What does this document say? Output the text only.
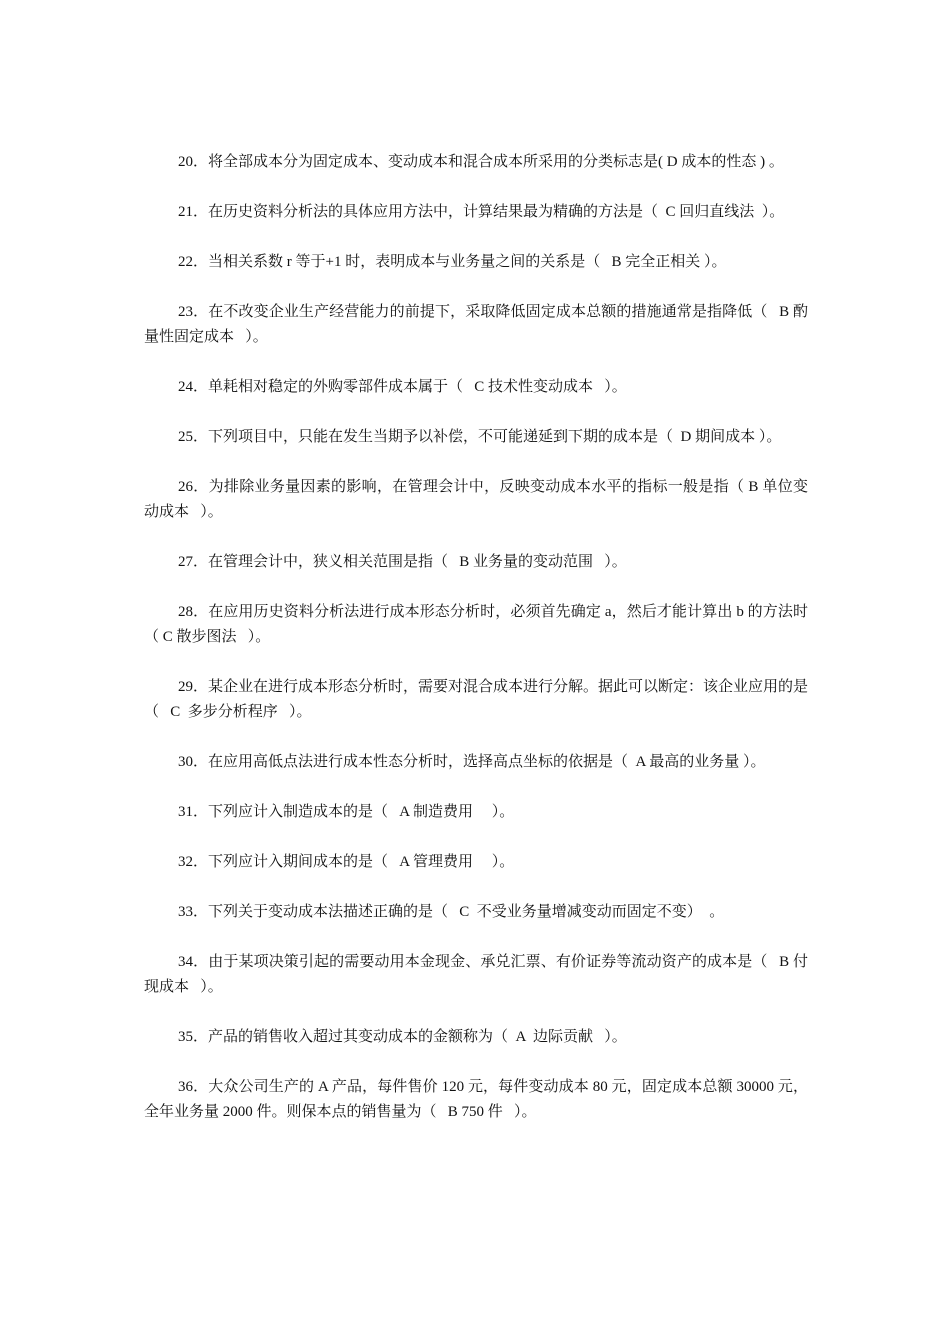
20．将全部成本分为固定成本、变动成本和混合成本所采用的分类标志是( D 成本的性态 ) 。

21．在历史资料分析法的具体应用方法中，计算结果最为精确的方法是（  C 回归直线法  ）。

22．当相关系数 r 等于+1 时，表明成本与业务量之间的关系是（   B 完全正相关 ）。

23．在不改变企业生产经营能力的前提下，采取降低固定成本总额的措施通常是指降低（   B 酌量性固定成本   ）。

24．单耗相对稳定的外购零部件成本属于（   C 技术性变动成本   ）。

25．下列项目中，只能在发生当期予以补偿，不可能递延到下期的成本是（  D 期间成本 ）。

26．为排除业务量因素的影响，在管理会计中，反映变动成本水平的指标一般是指（ B 单位变动成本   ）。

27．在管理会计中，狭义相关范围是指（   B 业务量的变动范围   ）。

28．在应用历史资料分析法进行成本形态分析时，必须首先确定 a，然后才能计算出 b 的方法时（ C 散步图法   ）。

29．某企业在进行成本形态分析时，需要对混合成本进行分解。据此可以断定：该企业应用的是（   C  多步分析程序   ）。

30．在应用高低点法进行成本性态分析时，选择高点坐标的依据是（  A 最高的业务量 ）。

31．下列应计入制造成本的是（   A 制造费用     ）。

32．下列应计入期间成本的是（   A 管理费用     ）。

33．下列关于变动成本法描述正确的是（   C  不受业务量增减变动而固定不变）  。

34．由于某项决策引起的需要动用本金现金、承兑汇票、有价证券等流动资产的成本是（   B 付现成本   ）。

35．产品的销售收入超过其变动成本的金额称为（  A  边际贡献   ）。

36．大众公司生产的 A 产品，每件售价 120 元，每件变动成本 80 元，固定成本总额 30000 元，全年业务量 2000 件。则保本点的销售量为（   B 750 件   ）。
